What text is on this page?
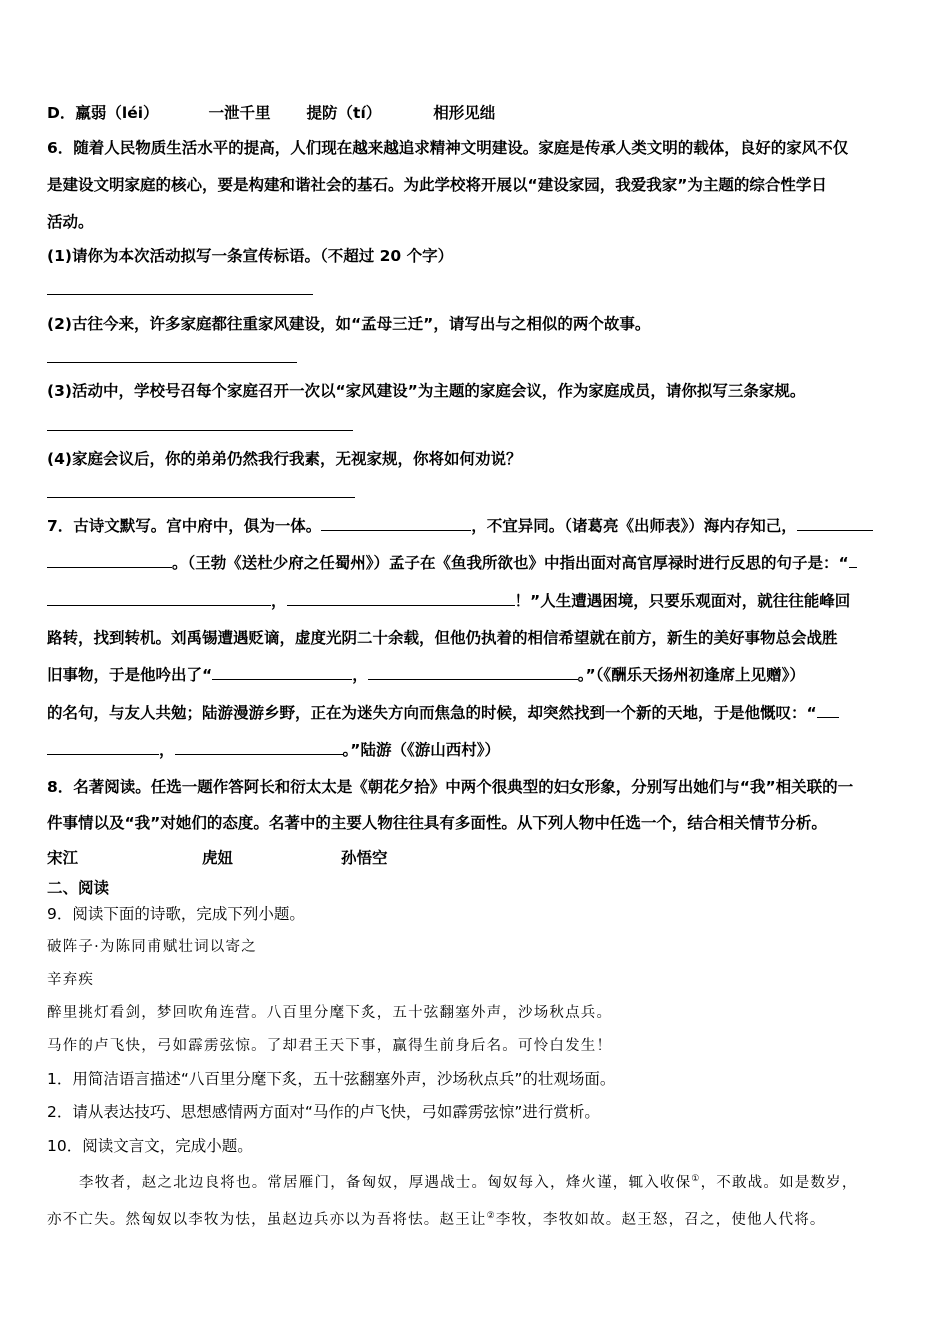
D．羸弱（léi）	一泄千里 提防（tí）	相形见绌
6．随着人民物质生活水平的提高，人们现在越来越追求精神文明建设。家庭是传承人类文明的载体，良好的家风不仅
是建设文明家庭的核心，要是构建和谐社会的基石。为此学校将开展以“建设家园，我爱我家”为主题的综合性学日
活动。
(1)请你为本次活动拟写一条宣传标语。（不超过 20 个字）
(2)古往今来，许多家庭都往重家风建设，如“孟母三迁”，请写出与之相似的两个故事。
(3)活动中，学校号召每个家庭召开一次以“家风建设”为主题的家庭会议，作为家庭成员，请你拟写三条家规。
(4)家庭会议后，你的弟弟仍然我行我素，无视家规，你将如何劝说？
7．古诗文默写。宫中府中，俱为一体。	，不宜异同。（诸葛亮《出师表》）海内存知己，
。（王勃《送杜少府之任蜀州》）孟子在《鱼我所欲也》中指出面对高官厚禄时进行反思的句子是：“
，	！”人生遭遇困境，只要乐观面对，就往往能峰回
路转，找到转机。刘禹锡遭遇贬谪，虚度光阴二十余载，但他仍执着的相信希望就在前方，新生的美好事物总会战胜
旧事物，于是他吟出了“	，	。”（《酬乐天扬州初逢席上见赠》）
的名句，与友人共勉；陆游漫游乡野，正在为迷失方向而焦急的时候，却突然找到一个新的天地，于是他慨叹：“
，	。”陆游（《游山西村》）
8．名著阅读。任选一题作答阿长和衍太太是《朝花夕拾》中两个很典型的妇女形象，分别写出她们与“我”相关联的一
件事情以及“我”对她们的态度。名著中的主要人物往往具有多面性。从下列人物中任选一个，结合相关情节分析。
宋江	虎妞	孙悟空
二、阅读
9．阅读下面的诗歌，完成下列小题。
破阵子·为陈同甫赋壮词以寄之
辛弃疾
醉里挑灯看剑，梦回吹角连营。八百里分麾下炙，五十弦翻塞外声，沙场秋点兵。
马作的卢飞快，弓如霹雳弦惊。了却君王天下事，赢得生前身后名。可怜白发生！
1．用简洁语言描述“八百里分麾下炙，五十弦翻塞外声，沙场秋点兵”的壮观场面。
2．请从表达技巧、思想感情两方面对“马作的卢飞快，弓如霹雳弦惊”进行赏析。
10．阅读文言文，完成小题。
李牧者，赵之北边良将也。常居雁门，备匈奴，厚遇战士。匈奴每入，烽火谨，辄入收保①，不敢战。如是数岁，
亦不亡失。然匈奴以李牧为怯，虽赵边兵亦以为吾将怯。赵王让②李牧，李牧如故。赵王怒，召之，使他人代将。
